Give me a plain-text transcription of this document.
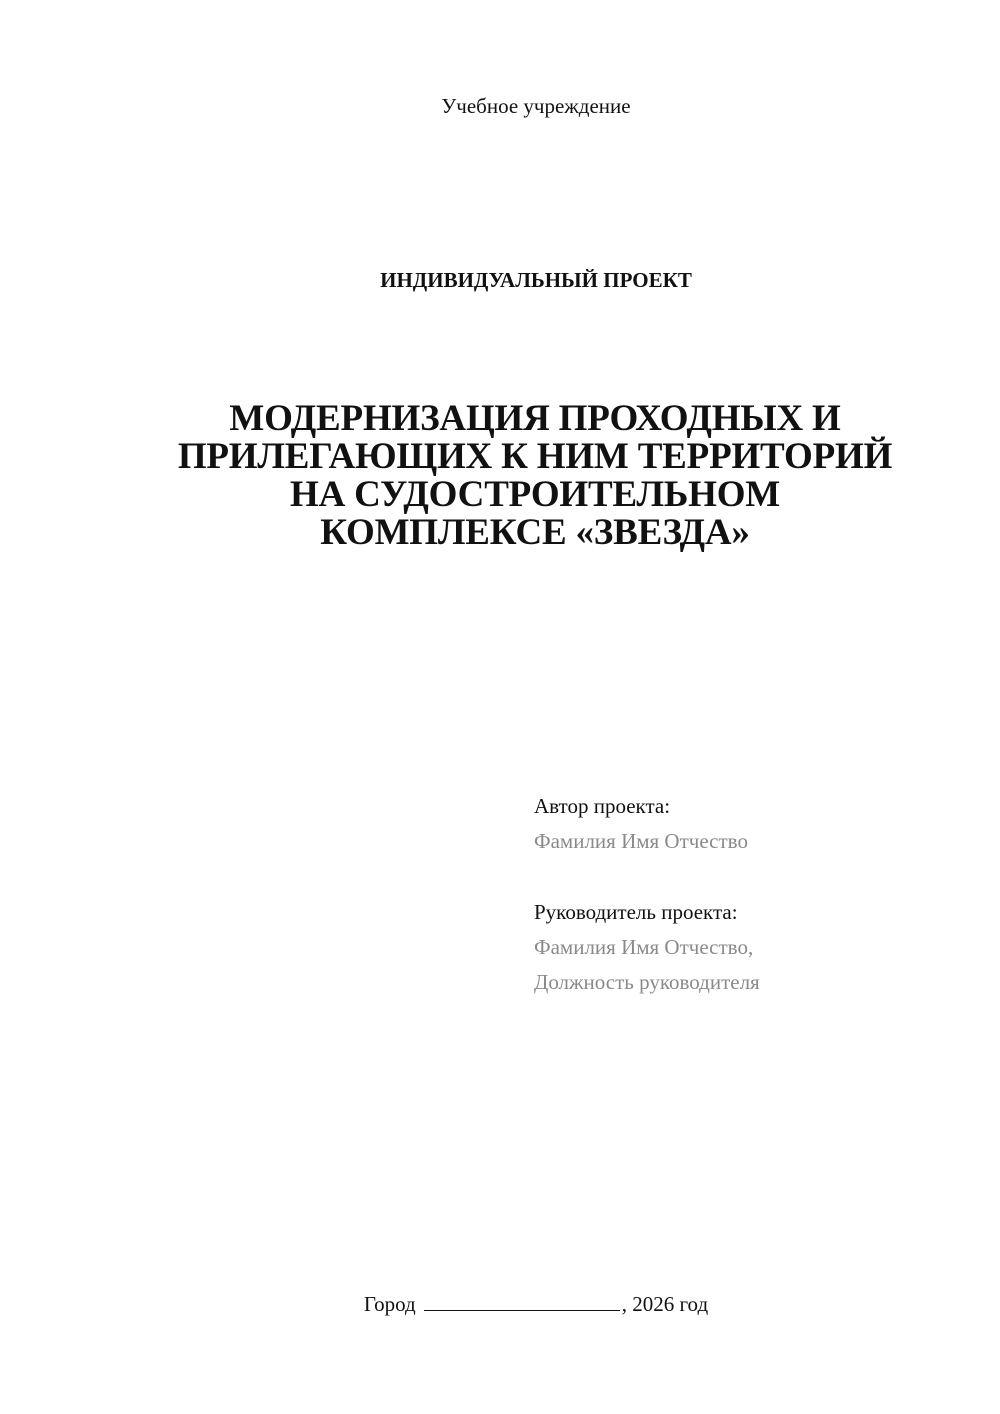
Учебное учреждение
ИНДИВИДУАЛЬНЫЙ ПРОЕКТ
МОДЕРНИЗАЦИЯ ПРОХОДНЫХ И
ПРИЛЕГАЮЩИХ К НИМ ТЕРРИТОРИЙ
НА СУДОСТРОИТЕЛЬНОМ
КОМПЛЕКСЕ «ЗВЕЗДА»
Автор проекта:
Фамилия Имя Отчество
Руководитель проекта:
Фамилия Имя Отчество,
Должность руководителя
Город	, 2026 год
